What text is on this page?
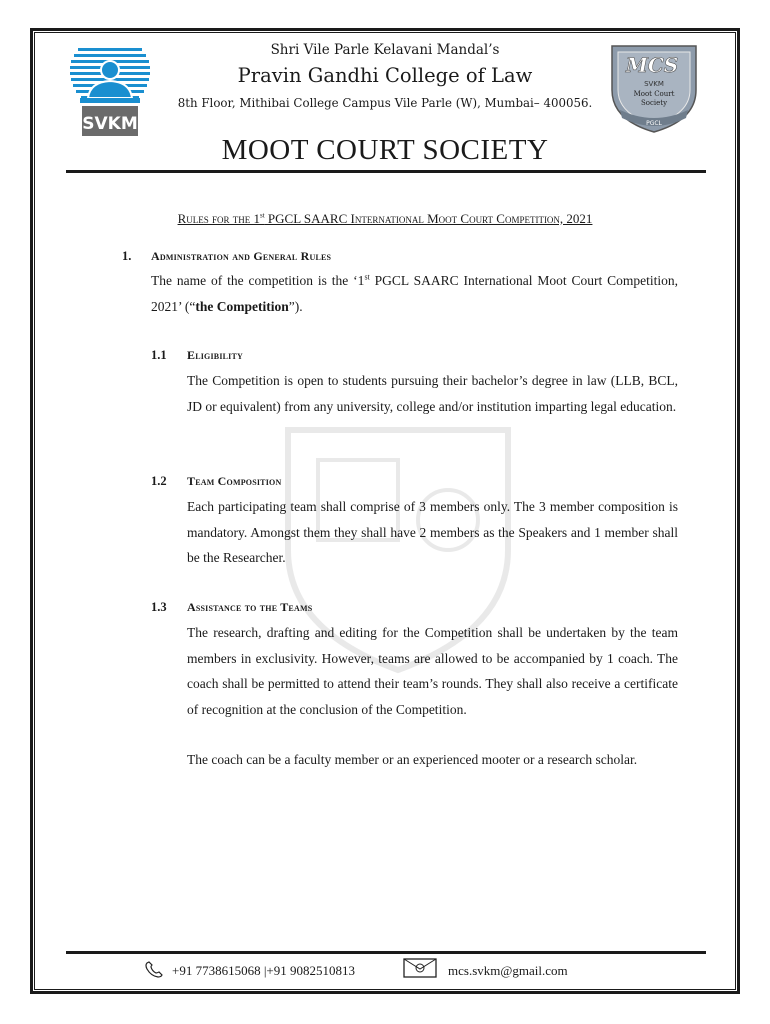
SVKM
MCS
SVKM
Moot Court
Society
PGCL
Shri Vile Parle Kelavani Mandal’s
Pravin Gandhi College of Law
8th Floor, Mithibai College Campus Vile Parle (W), Mumbai– 400056.
MOOT COURT SOCIETY
Rules for the 1st PGCL SAARC International Moot Court Competition, 2021
1. Administration and General Rules
The name of the competition is the ‘1st PGCL SAARC International Moot Court Competition, 2021’ (“the Competition”).
1.1 Eligibility
The Competition is open to students pursuing their bachelor’s degree in law (LLB, BCL, JD or equivalent) from any university, college and/or institution imparting legal education.
1.2 Team Composition
Each participating team shall comprise of 3 members only. The 3 member composition is mandatory. Amongst them they shall have 2 members as the Speakers and 1 member shall be the Researcher.
1.3 Assistance to the Teams
The research, drafting and editing for the Competition shall be undertaken by the team members in exclusivity. However, teams are allowed to be accompanied by 1 coach. The coach shall be permitted to attend their team’s rounds. They shall also receive a certificate of recognition at the conclusion of the Competition.
The coach can be a faculty member or an experienced mooter or a research scholar.
+91 7738615068 |+91 9082510813	mcs.svkm@gmail.com
